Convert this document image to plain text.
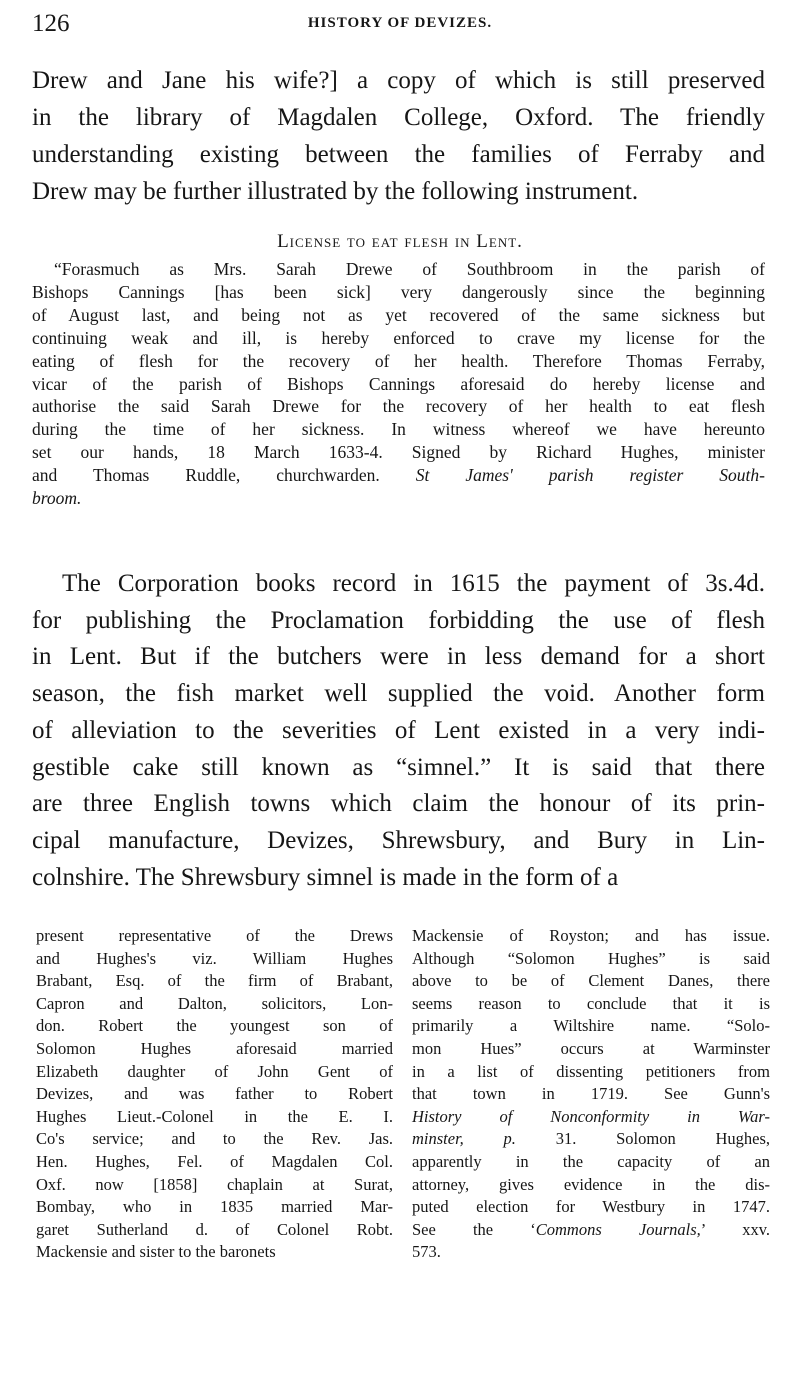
126	HISTORY OF DEVIZES.
Drew and Jane his wife?] a copy of which is still preserved
in the library of Magdalen College, Oxford. The friendly
understanding existing between the families of Ferraby and
Drew may be further illustrated by the following instrument.
License to eat flesh in Lent.
“Forasmuch as Mrs. Sarah Drewe of Southbroom in the parish of
Bishops Cannings [has been sick] very dangerously since the beginning
of August last, and being not as yet recovered of the same sickness but
continuing weak and ill, is hereby enforced to crave my license for the
eating of flesh for the recovery of her health. Therefore Thomas Ferraby,
vicar of the parish of Bishops Cannings aforesaid do hereby license and
authorise the said Sarah Drewe for the recovery of her health to eat flesh
during the time of her sickness. In witness whereof we have hereunto
set our hands, 18 March 1633-4. Signed by Richard Hughes, minister
and Thomas Ruddle, churchwarden. St James' parish register South-
broom.
The Corporation books record in 1615 the payment of 3s.4d.
for publishing the Proclamation forbidding the use of flesh
in Lent. But if the butchers were in less demand for a short
season, the fish market well supplied the void. Another form
of alleviation to the severities of Lent existed in a very indi-
gestible cake still known as “simnel.” It is said that there
are three English towns which claim the honour of its prin-
cipal manufacture, Devizes, Shrewsbury, and Bury in Lin-
colnshire. The Shrewsbury simnel is made in the form of a
present representative of the Drews
and Hughes's viz. William Hughes
Brabant, Esq. of the firm of Brabant,
Capron and Dalton, solicitors, Lon-
don. Robert the youngest son of
Solomon Hughes aforesaid married
Elizabeth daughter of John Gent of
Devizes, and was father to Robert
Hughes Lieut.-Colonel in the E. I.
Co's service; and to the Rev. Jas.
Hen. Hughes, Fel. of Magdalen Col.
Oxf. now [1858] chaplain at Surat,
Bombay, who in 1835 married Mar-
garet Sutherland d. of Colonel Robt.
Mackensie and sister to the baronets
Mackensie of Royston; and has issue.
Although “Solomon Hughes” is said
above to be of Clement Danes, there
seems reason to conclude that it is
primarily a Wiltshire name. “Solo-
mon Hues” occurs at Warminster
in a list of dissenting petitioners from
that town in 1719. See Gunn's
History of Nonconformity in War-
minster, p. 31. Solomon Hughes,
apparently in the capacity of an
attorney, gives evidence in the dis-
puted election for Westbury in 1747.
See the ‘Commons Journals,’ xxv.
573.
